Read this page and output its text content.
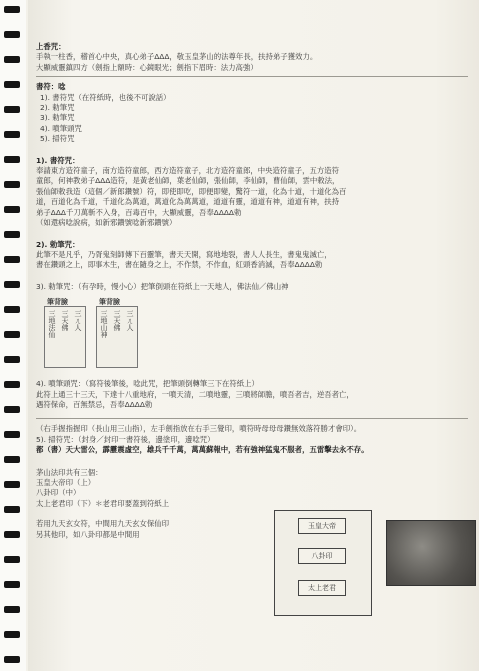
上香咒：
手執一柱香，稽首心中央，真心弟子ΔΔΔ，敬玉皇茅山的法尊年長，扶持弟子獲效力。
大顯威靈鎮四方（劍指上額時：心鏡眼光；劍指下眉時：法力高強）
書符：唸
1). 書符咒（在符紙時，也後不可說話）
2). 勅筆咒
3). 勅筆咒
4). 噴筆頭咒
5). 掃符咒
1). 書符咒：
奉請東方造符童子，南方造符童郎，西方造符童子，北方造符童郎，中央造符童子，五方造符
童郎，何神教弟子ΔΔΔ造符，是黃老仙師，葉老仙師，張仙師，李仙師，曹仙師，雲中敕法，
張仙師敕我造（這個／新郎鑽號）符，即使即吃，即便即變，驚符一道，化為十道，十道化為百
道，百道化為千道，千道化為萬道，萬道化為萬萬道，道道有靈，道道有神，道道有神，扶持
弟子ΔΔΔ千刀萬斬不入身，百毒百中，大顯威靈，吾奉ΔΔΔΔ勅
（如還病唸說病，如新邪鑽號唸新邪鑽號）
2). 勅筆咒：
此筆不是凡乎，乃胥鬼刻師傳下百靈筆，書天天開，寫地地裂，書人人長生，書鬼鬼滅亡，
書在鑽頭之上，即事木生，書在隨身之上，不作禁，不作血，紅頭香消滅，吾奉ΔΔΔΔ勅
3). 勅筆咒：（有孕時，慢小心）把筆倒頭在符紙上一天地人，佛法仙／佛山神
筆背臉
三ㄦ人
三天佛
三地法仙
筆背臉
三ㄦ人
三天佛
三地山神
4). 噴筆頭咒：（寫符後筆後，唸此咒，把筆頭倒轉筆三下在符紙上）
此符上通三十三天，下達十八重地府，一噴天清，二噴地靈，三噴將師膽，噴吾者吉，逆吾者亡，
遇符保命，百無禁忌，吾奉ΔΔΔΔ勅
（右手握指握印（長山用三山指），左手劍指放在右手三覺印，噴符時母母母鑽無效落符勝才會印）。
5). 掃符咒：（封身／封印一書符後，邊塗印，邊唸咒）
都（書）天大雷公，霹靂震虛空，雄兵千千萬，萬萬蘇報中，若有強神猛鬼不服者，五雷擊去永不存。
茅山法印共有三個：
玉皇大帝印（上）
八卦印（中）
太上老君印（下）＊老君印要蓋到符紙上
若用九天玄女符，中間用九天玄女保仙印
另其他印，如八卦印都是中間用
玉皇大帝
八卦印
太上老君
